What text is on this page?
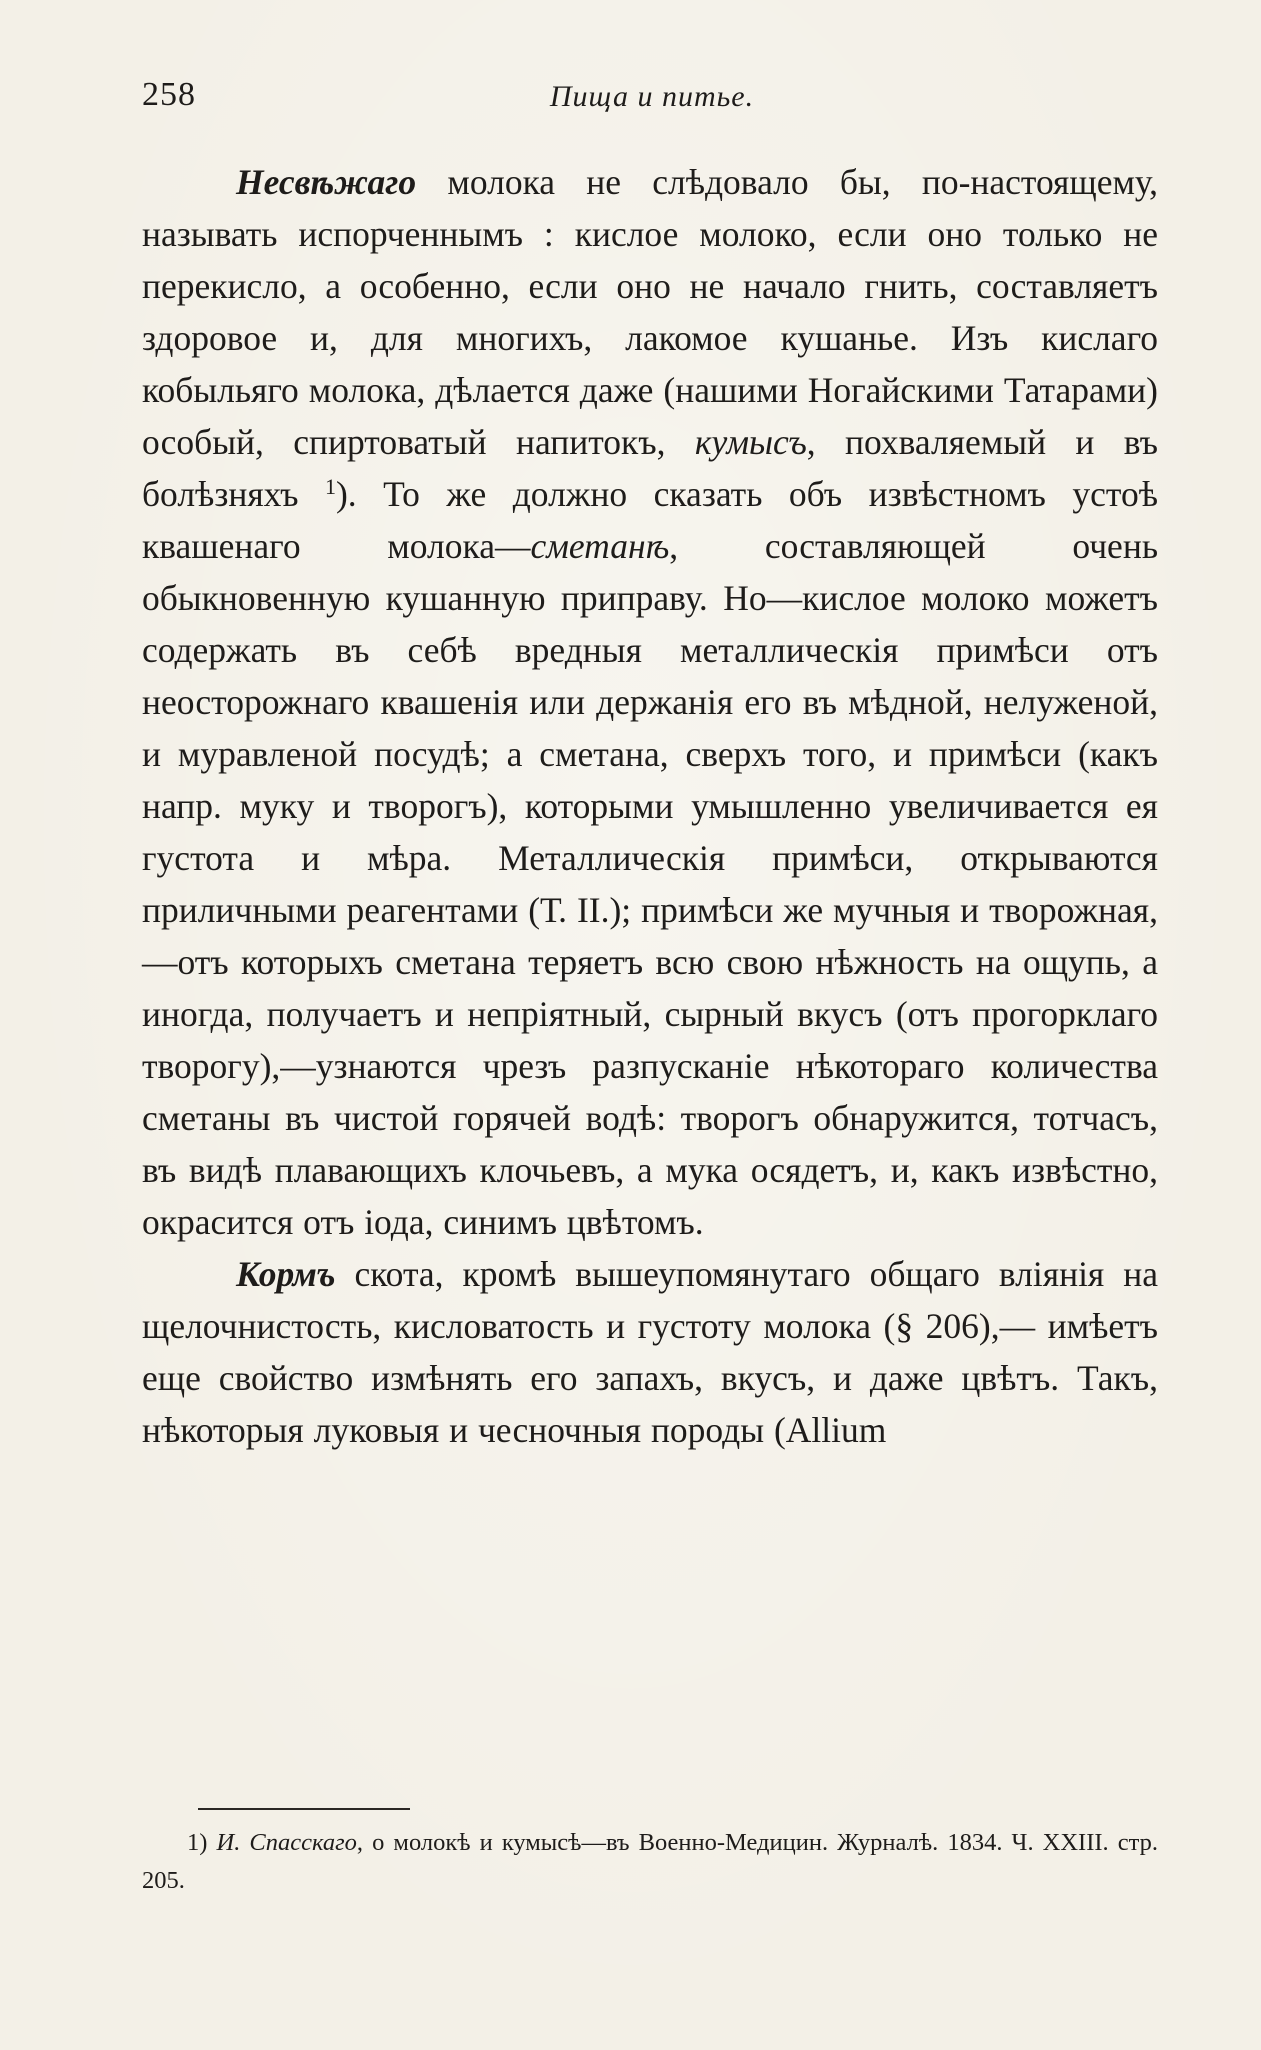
258	Пища и питье.

Несвѣжаго молока не слѣдовало бы, по-настоящему, называть испорченнымъ : кислое молоко, если оно только не перекисло, а особенно, если оно не начало гнить, составляетъ здоровое и, для многихъ, лакомое кушанье. Изъ кислаго кобыльяго молока, дѣлается даже (нашими Ногайскими Татарами) особый, спиртоватый напитокъ, кумысъ, похваляемый и въ болѣзняхъ $^1$). То же должно сказать объ извѣстномъ устоѣ квашенаго молока—сметанѣ, составляющей очень обыкновенную кушанную приправу. Но—кислое молоко можетъ содержать въ себѣ вредныя металлическія примѣси отъ неосторожнаго квашенія или держанія его въ мѣдной, нелуженой, и муравленой посудѣ; а сметана, сверхъ того, и примѣси (какъ напр. муку и творогъ), которыми умышленно увеличивается ея густота и мѣра. Металлическія примѣси, открываются приличными реагентами (Т. II.); примѣси же мучныя и творожная,—отъ которыхъ сметана теряетъ всю свою нѣжность на ощупь, а иногда, получаетъ и непріятный, сырный вкусъ (отъ прогорклаго творогу),—узнаются чрезъ разпусканіе нѣкотораго количества сметаны въ чистой горячей водѣ: творогъ обнаружится, тотчасъ, въ видѣ плавающихъ клочьевъ, а мука осядетъ, и, какъ извѣстно, окрасится отъ іода, синимъ цвѣтомъ.

Кормъ скота, кромѣ вышеупомянутаго общаго вліянія на щелочнистость, кисловатость и густоту молока (§ 206),— имѣетъ еще свойство измѣнять его запахъ, вкусъ, и даже цвѣтъ. Такъ, нѣкоторыя луковыя и чесночныя породы (Allium

1) И. Спасскаго, о молокѣ и кумысѣ—въ Военно-Медицин. Журналѣ. 1834. Ч. XXIII. стр. 205.
